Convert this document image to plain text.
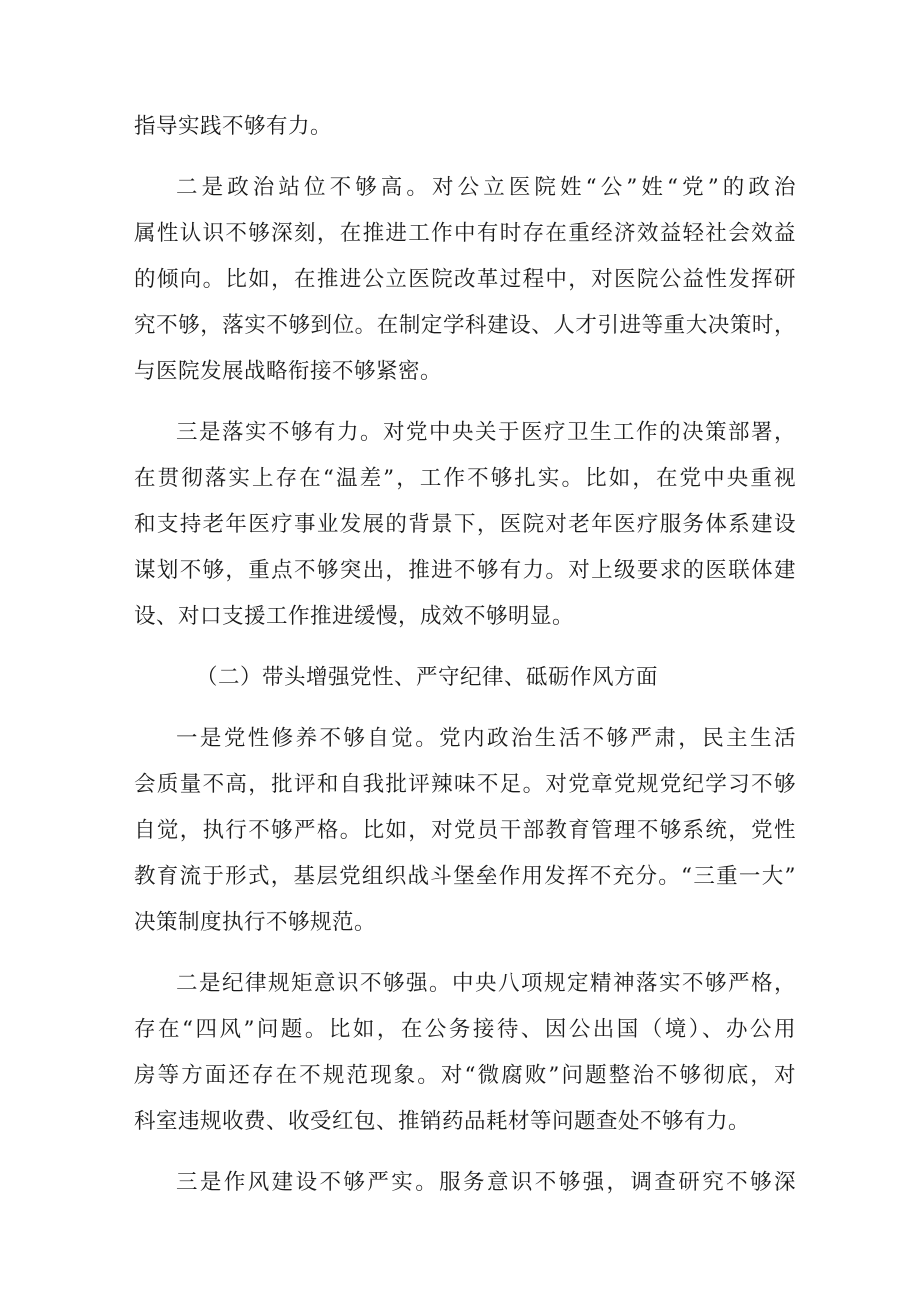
指导实践不够有力。
二是政治站位不够高。对公立医院姓“公”姓“党”的政治
属性认识不够深刻，在推进工作中有时存在重经济效益轻社会效益
的倾向。比如，在推进公立医院改革过程中，对医院公益性发挥研
究不够，落实不够到位。在制定学科建设、人才引进等重大决策时，
与医院发展战略衔接不够紧密。
三是落实不够有力。对党中央关于医疗卫生工作的决策部署，
在贯彻落实上存在“温差”，工作不够扎实。比如，在党中央重视
和支持老年医疗事业发展的背景下，医院对老年医疗服务体系建设
谋划不够，重点不够突出，推进不够有力。对上级要求的医联体建
设、对口支援工作推进缓慢，成效不够明显。
（二）带头增强党性、严守纪律、砥砺作风方面
一是党性修养不够自觉。党内政治生活不够严肃，民主生活
会质量不高，批评和自我批评辣味不足。对党章党规党纪学习不够
自觉，执行不够严格。比如，对党员干部教育管理不够系统，党性
教育流于形式，基层党组织战斗堡垒作用发挥不充分。“三重一大”
决策制度执行不够规范。
二是纪律规矩意识不够强。中央八项规定精神落实不够严格，
存在“四风”问题。比如，在公务接待、因公出国（境）、办公用
房等方面还存在不规范现象。对“微腐败”问题整治不够彻底，对
科室违规收费、收受红包、推销药品耗材等问题查处不够有力。
三是作风建设不够严实。服务意识不够强，调查研究不够深
